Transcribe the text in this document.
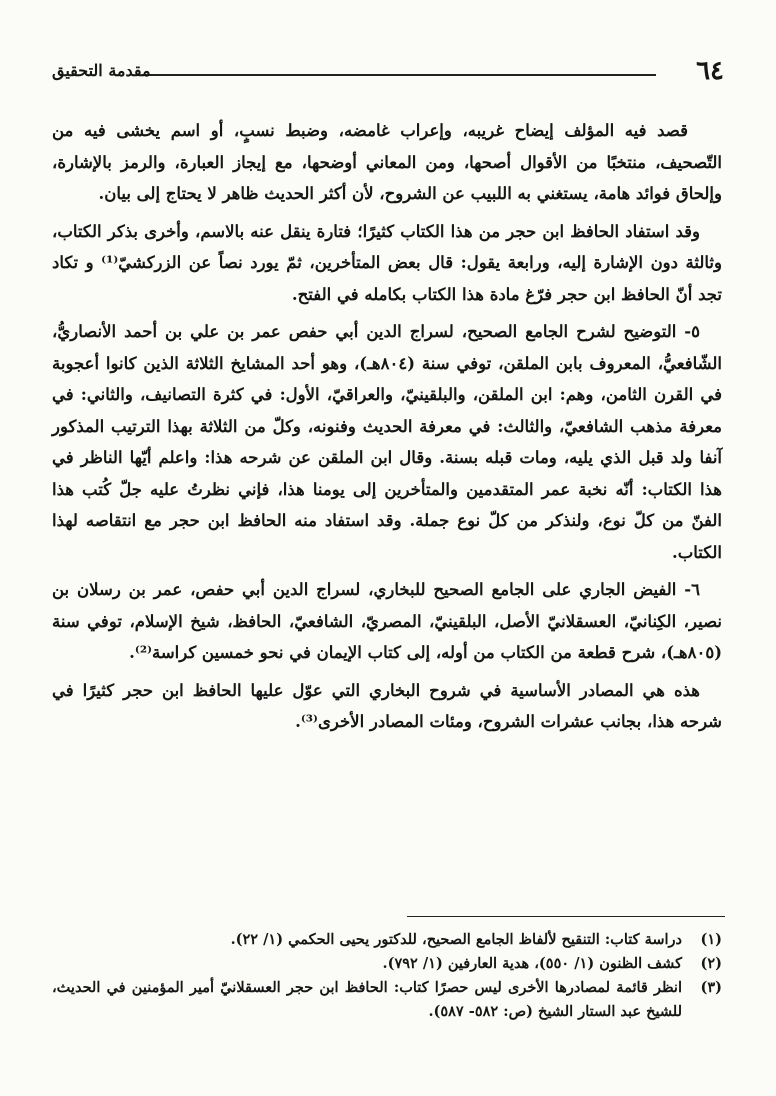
٦٤
مقدمة التحقيق

قصد فيه المؤلف إيضاح غريبه، وإعراب غامضه، وضبط نسبٍ، أو اسم يخشى فيه من التّصحيف، منتخبًا من الأقوال أصحها، ومن المعاني أوضحها، مع إيجاز العبارة، والرمز بالإشارة، وإلحاق فوائد هامة، يستغني به اللبيب عن الشروح، لأن أكثر الحديث ظاهر لا يحتاج إلى بيان.

وقد استفاد الحافظ ابن حجر من هذا الكتاب كثيرًا؛ فتارة ينقل عنه بالاسم، وأخرى بذكر الكتاب، وثالثة دون الإشارة إليه، ورابعة يقول: قال بعض المتأخرين، ثمّ يورد نصاً عن الزركشيّ⁽¹⁾ و تكاد تجد أنّ الحافظ ابن حجر فرّغ مادة هذا الكتاب بكامله في الفتح.

٥- التوضيح لشرح الجامع الصحيح، لسراج الدين أبي حفص عمر بن علي بن أحمد الأنصاريُّ، الشّافعيُّ، المعروف بابن الملقن، توفي سنة (٨٠٤هـ)، وهو أحد المشايخ الثلاثة الذين كانوا أعجوبة في القرن الثامن، وهم: ابن الملقن، والبلقينيّ، والعراقيّ، الأول: في كثرة التصانيف، والثاني: في معرفة مذهب الشافعيّ، والثالث: في معرفة الحديث وفنونه، وكلّ من الثلاثة بهذا الترتيب المذكور آنفا ولد قبل الذي يليه، ومات قبله بسنة. وقال ابن الملقن عن شرحه هذا: واعلم أيّها الناظر في هذا الكتاب: أنّه نخبة عمر المتقدمين والمتأخرين إلى يومنا هذا، فإني نظرتُ عليه جلّ كُتب هذا الفنّ من كلّ نوع، ولنذكر من كلّ نوع جملة. وقد استفاد منه الحافظ ابن حجر مع انتقاصه لهذا الكتاب.

٦- الفيض الجاري على الجامع الصحيح للبخاري، لسراج الدين أبي حفص، عمر بن رسلان بن نصير، الكِنانيّ، العسقلانيّ الأصل، البلقينيّ، المصريّ، الشافعيّ، الحافظ، شيخ الإسلام، توفي سنة (٨٠٥هـ)، شرح قطعة من الكتاب من أوله، إلى كتاب الإيمان في نحو خمسين كراسة⁽²⁾.

هذه هي المصادر الأساسية في شروح البخاري التي عوّل عليها الحافظ ابن حجر كثيرًا في شرحه هذا، بجانب عشرات الشروح، ومئات المصادر الأخرى⁽³⁾.

(١)
دراسة كتاب: التنقيح لألفاظ الجامع الصحيح، للدكتور يحيى الحكمي (١/ ٢٢).
(٢)
كشف الظنون (١/ ٥٥٠)، هدية العارفين (١/ ٧٩٢).
(٣)
انظر قائمة لمصادرها الأخرى ليس حصرًا كتاب: الحافظ ابن حجر العسقلانيّ أمير المؤمنين في الحديث، للشيخ عبد الستار الشيخ (ص: ٥٨٢- ٥٨٧).
